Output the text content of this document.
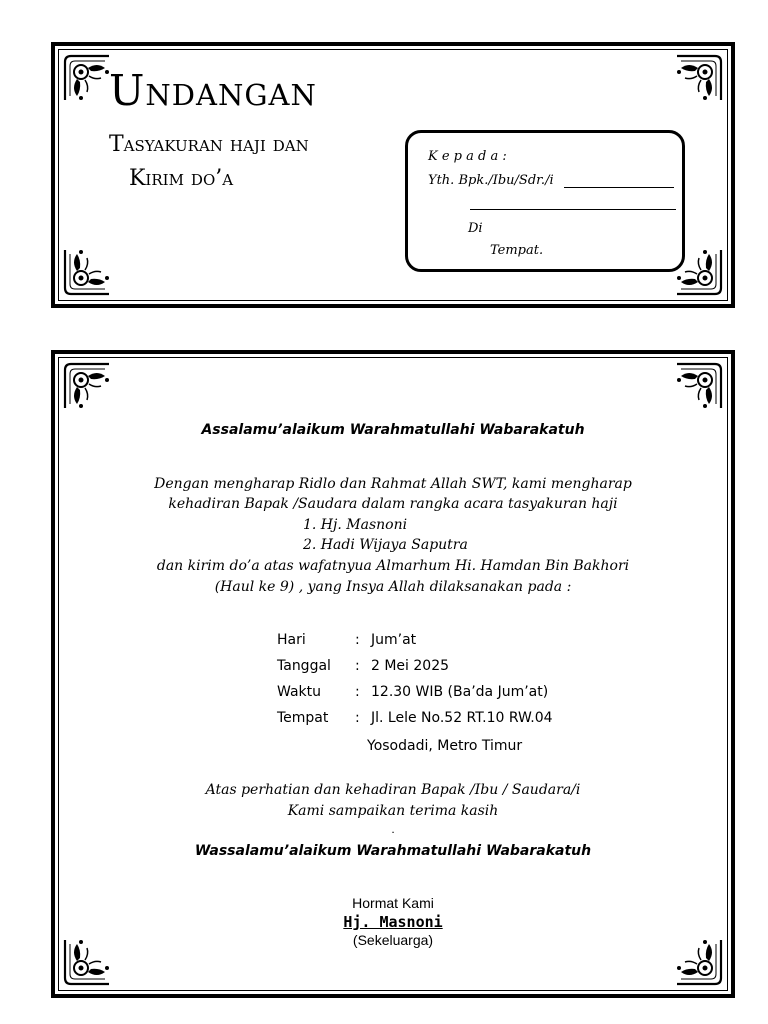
Undangan
Tasyakuran haji dan
Kirim do’a
K e p a d a :
Yth. Bpk./Ibu/Sdr./i
Di
Tempat.
Assalamu’alaikum Warahmatullahi Wabarakatuh
Dengan mengharap Ridlo dan Rahmat Allah SWT, kami mengharap
kehadiran Bapak /Saudara dalam rangka acara tasyakuran haji
1. Hj. Masnoni
2. Hadi Wijaya Saputra
dan kirim do’a atas wafatnyua Almarhum Hi. Hamdan Bin Bakhori
(Haul ke 9) , yang Insya Allah dilaksanakan pada :
Hari	: Jum’at
Tanggal : 2 Mei 2025
Waktu : 12.30 WIB (Ba’da Jum’at)
Tempat : Jl. Lele No.52 RT.10 RW.04
Yosodadi, Metro Timur
Atas perhatian dan kehadiran Bapak /Ibu / Saudara/i
Kami sampaikan terima kasih
.
Wassalamu’alaikum Warahmatullahi Wabarakatuh
Hormat Kami
Hj. Masnoni
(Sekeluarga)
